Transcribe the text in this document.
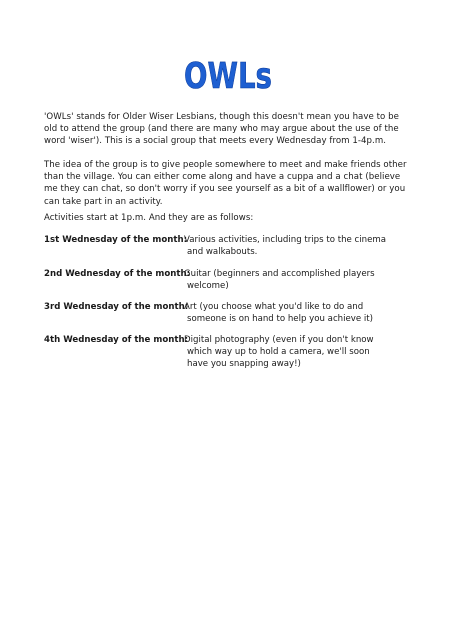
OWLs

'OWLs' stands for Older Wiser Lesbians, though this doesn't mean you have to be old to attend the group (and there are many who may argue about the use of the word 'wiser'). This is a social group that meets every Wednesday from 1-4p.m.

The idea of the group is to give people somewhere to meet and make friends other than the village. You can either come along and have a cuppa and a chat (believe me they can chat, so don't worry if you see yourself as a bit of a wallflower) or you can take part in an activity.

Activities start at 1p.m. And they are as follows:

1st Wednesday of the month:
Various activities, including trips to the cinema
and walkabouts.
2nd Wednesday of the month:
Guitar (beginners and accomplished players
welcome)
3rd Wednesday of the month:
Art (you choose what you'd like to do and
someone is on hand to help you achieve it)
4th Wednesday of the month:
Digital photography (even if you don't know
which way up to hold a camera, we'll soon
have you snapping away!)
